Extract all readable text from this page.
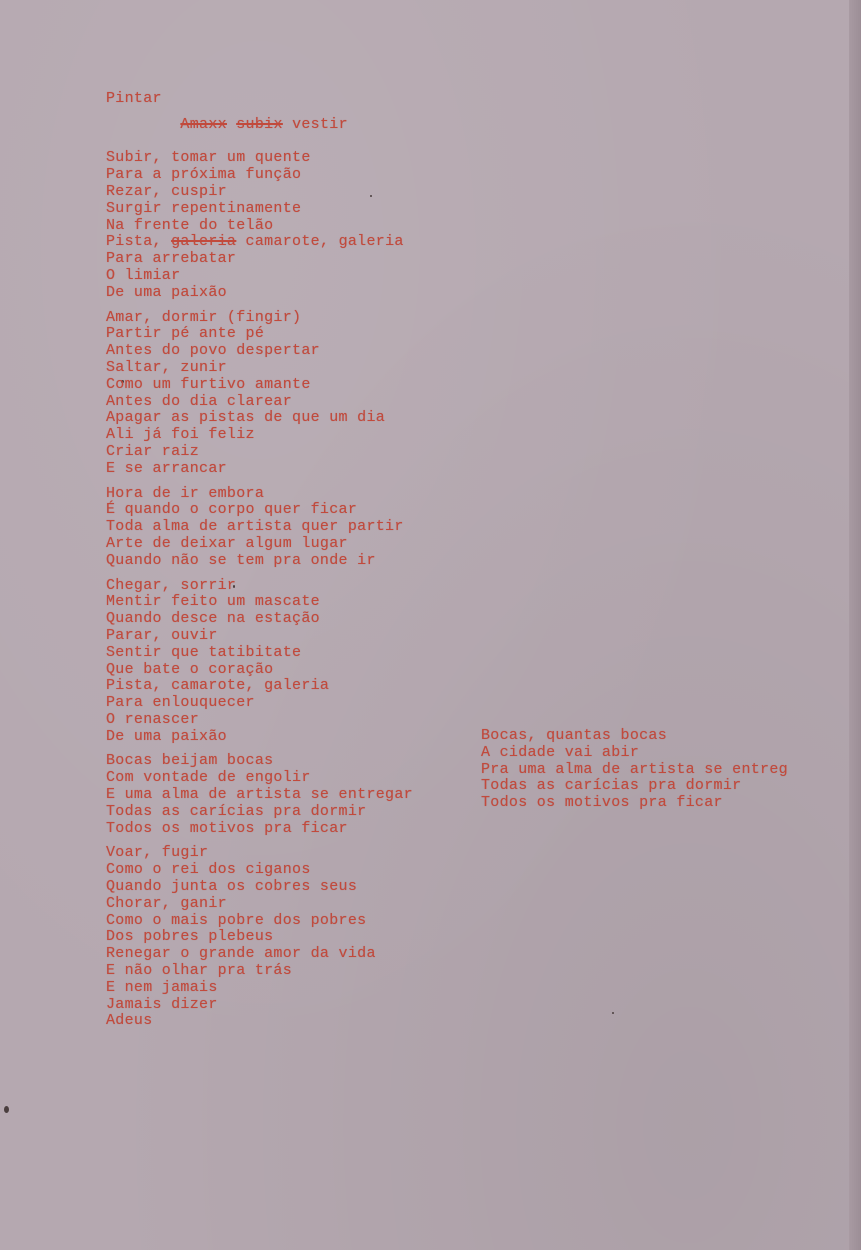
Pintar
Amaxx subix vestir

Subir, tomar um quente
Para a próxima função
Rezar, cuspir
Surgir repentinamente
Na frente do telão
Pista, galeria camarote, galeria
Para arrebatar
O limiar
De uma paixão
Amar, dormir (fingir)
Partir pé ante pé
Antes do povo despertar
Saltar, zunir
Como um furtivo amante
Antes do dia clarear
Apagar as pistas de que um dia
Ali já foi feliz
Criar raiz
E se arrancar
Hora de ir embora
É quando o corpo quer ficar
Toda alma de artista quer partir
Arte de deixar algum lugar
Quando não se tem pra onde ir
Chegar, sorrir
Mentir feito um mascate
Quando desce na estação
Parar, ouvir
Sentir que tatibitate
Que bate o coração
Pista, camarote, galeria
Para enlouquecer
O renascer
De uma paixão
Bocas beijam bocas
Com vontade de engolir
E uma alma de artista se entregar
Todas as carícias pra dormir
Todos os motivos pra ficar
Voar, fugir
Como o rei dos ciganos
Quando junta os cobres seus
Chorar, ganir
Como o mais pobre dos pobres
Dos pobres plebeus
Renegar o grande amor da vida
E não olhar pra trás
E nem jamais
Jamais dizer
Adeus
Bocas, quantas bocas
A cidade vai abir
Pra uma alma de artista se entreg
Todas as carícias pra dormir
Todos os motivos pra ficar
